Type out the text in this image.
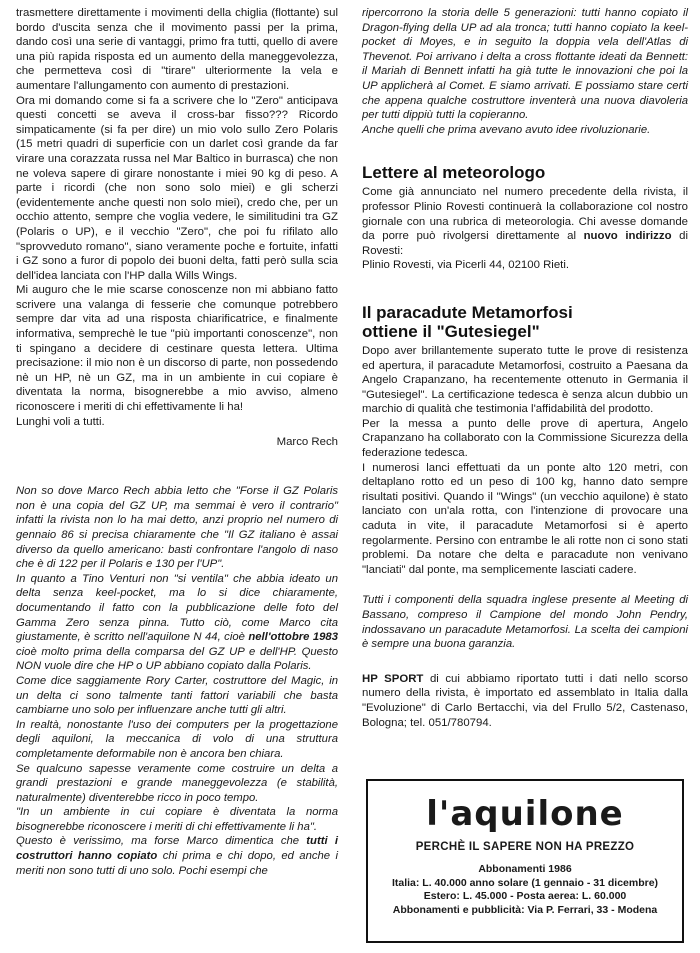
trasmettere direttamente i movimenti della chiglia (flottante) sul bordo d'uscita senza che il movimento passi per la prima, dando così una serie di vantaggi, primo fra tutti, quello di avere una più rapida risposta ed un aumento della maneggevolezza, che permetteva così di "tirare" ulteriormente la vela e aumentare l'allungamento con aumento di prestazioni.

Ora mi domando come si fa a scrivere che lo "Zero" anticipava questi concetti se aveva il cross-bar fisso??? Ricordo simpaticamente (si fa per dire) un mio volo sullo Zero Polaris (15 metri quadri di superficie con un darlet così grande da far virare una corazzata russa nel Mar Baltico in burrasca) che non ne voleva sapere di girare nonostante i miei 90 kg di peso. A parte i ricordi (che non sono solo miei) e gli scherzi (evidentemente anche questi non solo miei), credo che, per un occhio attento, sempre che voglia vedere, le similitudini tra GZ (Polaris o UP), e il vecchio "Zero", che poi fu rifilato allo "sprovveduto romano", siano veramente poche e fortuite, infatti i GZ sono a furor di popolo dei buoni delta, fatti però sulla scia dell'idea lanciata con l'HP dalla Wills Wings.

Mi auguro che le mie scarse conoscenze non mi abbiano fatto scrivere una valanga di fesserie che comunque potrebbero sempre dar vita ad una risposta chiarificatrice, e finalmente informativa, semprechè le tue "più importanti conoscenze", non ti spingano a decidere di cestinare questa lettera. Ultima precisazione: il mio non è un discorso di parte, non possedendo nè un HP, nè un GZ, ma in un ambiente in cui copiare è diventata la norma, bisognerebbe a mio avviso, almeno riconoscere i meriti di chi effettivamente li ha!

Lunghi voli a tutti.

Marco Rech

Non so dove Marco Rech abbia letto che "Forse il GZ Polaris non è una copia del GZ UP, ma semmai è vero il contrario" infatti la rivista non lo ha mai detto, anzi proprio nel numero di gennaio 86 si precisa chiaramente che "Il GZ italiano è assai diverso da quello americano: basti confrontare l'angolo di naso che è di 122 per il Polaris e 130 per l'UP".

In quanto a Tino Venturi non "si ventila" che abbia ideato un delta senza keel-pocket, ma lo si dice chiaramente, documentando il fatto con la pubblicazione delle foto del Gamma Zero senza pinna. Tutto ciò, come Marco cita giustamente, è scritto nell'aquilone N 44, cioè nell'ottobre 1983 cioè molto prima della comparsa del GZ UP e dell'HP. Questo NON vuole dire che HP o UP abbiano copiato dalla Polaris.

Come dice saggiamente Rory Carter, costruttore del Magic, in un delta ci sono talmente tanti fattori variabili che basta cambiarne uno solo per influenzare anche tutti gli altri.

In realtà, nonostante l'uso dei computers per la progettazione degli aquiloni, la meccanica di volo di una struttura completamente deformabile non è ancora ben chiara.

Se qualcuno sapesse veramente come costruire un delta a grandi prestazioni e grande maneggevolezza (e stabilità, naturalmente) diventerebbe ricco in poco tempo.

"In un ambiente in cui copiare è diventata la norma bisognerebbe riconoscere i meriti di chi effettivamente li ha".

Questo è verissimo, ma forse Marco dimentica che tutti i costruttori hanno copiato chi prima e chi dopo, ed anche i meriti non sono tutti di uno solo. Pochi esempi che

ripercorrono la storia delle 5 generazioni: tutti hanno copiato il Dragon-flying della UP ad ala tronca; tutti hanno copiato la keel-pocket di Moyes, e in seguito la doppia vela dell'Atlas di Thevenot. Poi arrivano i delta a cross flottante ideati da Bennett: il Mariah di Bennett infatti ha già tutte le innovazioni che poi la UP applicherà al Comet. E siamo arrivati. E possiamo stare certi che appena qualche costruttore inventerà una nuova diavoleria per tutti dippiù tutti la copieranno.

Anche quelli che prima avevano avuto idee rivoluzionarie.

Lettere al meteorologo

Come già annunciato nel numero precedente della rivista, il professor Plinio Rovesti continuerà la collaborazione col nostro giornale con una rubrica di meteorologia. Chi avesse domande da porre può rivolgersi direttamente al nuovo indirizzo di Rovesti:

Plinio Rovesti, via Picerli 44, 02100 Rieti.

Il paracadute Metamorfosi
ottiene il "Gutesiegel"

Dopo aver brillantemente superato tutte le prove di resistenza ed apertura, il paracadute Metamorfosi, costruito a Paesana da Angelo Crapanzano, ha recentemente ottenuto in Germania il "Gutesiegel". La certificazione tedesca è senza alcun dubbio un marchio di qualità che testimonia l'affidabilità del prodotto.

Per la messa a punto delle prove di apertura, Angelo Crapanzano ha collaborato con la Commissione Sicurezza della federazione tedesca.

I numerosi lanci effettuati da un ponte alto 120 metri, con deltaplano rotto ed un peso di 100 kg, hanno dato sempre risultati positivi. Quando il "Wings" (un vecchio aquilone) è stato lanciato con un'ala rotta, con l'intenzione di provocare una caduta in vite, il paracadute Metamorfosi si è aperto regolarmente. Persino con entrambe le ali rotte non ci sono stati problemi. Da notare che delta e paracadute non venivano "lanciati" dal ponte, ma semplicemente lasciati cadere.

Tutti i componenti della squadra inglese presente al Meeting di Bassano, compreso il Campione del mondo John Pendry, indossavano un paracadute Metamorfosi. La scelta dei campioni è sempre una buona garanzia.

HP SPORT di cui abbiamo riportato tutti i dati nello scorso numero della rivista, è importato ed assemblato in Italia dalla "Evoluzione" di Carlo Bertacchi, via del Frullo 5/2, Castenaso, Bologna; tel. 051/780794.

l'aquilone
PERCHÈ IL SAPERE NON HA PREZZO
Abbonamenti 1986
Italia: L. 40.000 anno solare (1 gennaio - 31 dicembre)
Estero: L. 45.000 - Posta aerea: L. 60.000
Abbonamenti e pubblicità: Via P. Ferrari, 33 - Modena
